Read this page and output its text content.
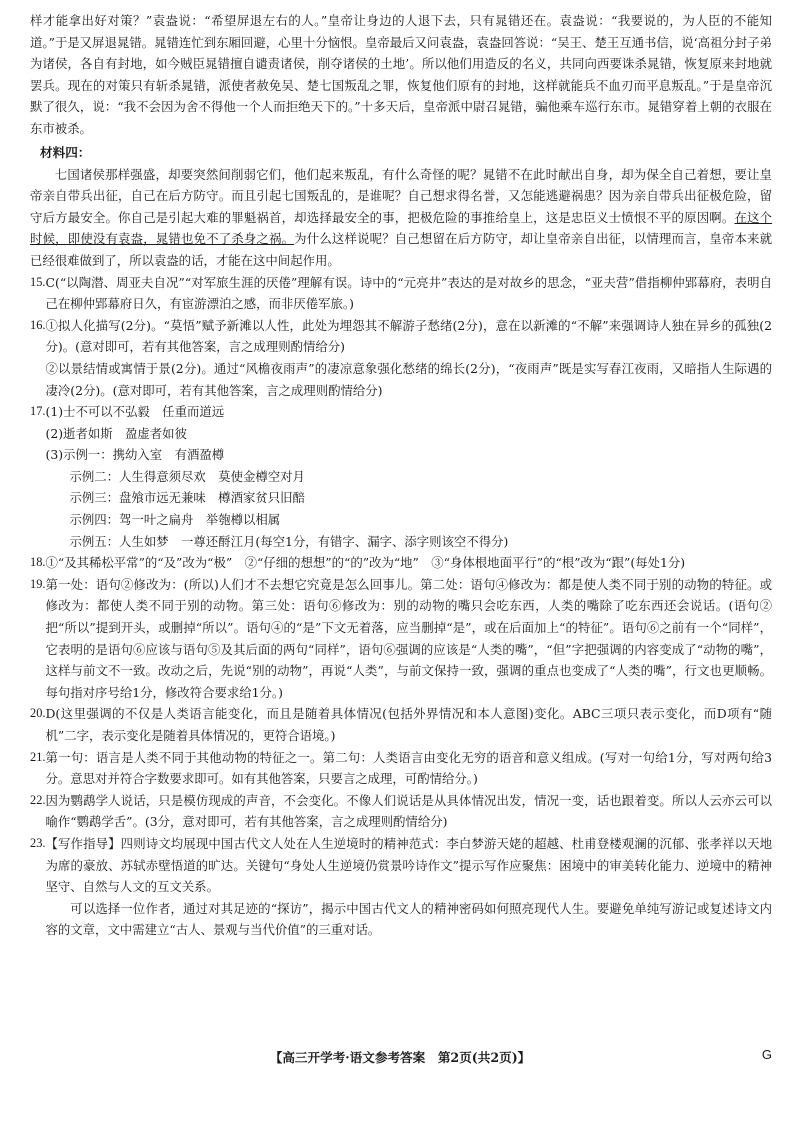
样才能拿出好对策？”袁盎说：“希望屏退左右的人。”皇帝让身边的人退下去，只有晁错还在。袁盎说：“我要说的，为人臣的不能知道。”于是又屏退晁错。晁错连忙到东厢回避，心里十分恼恨。皇帝最后又问袁盎，袁盎回答说：“吴王、楚王互通书信，说‘高祖分封子弟为诸侯，各自有封地，如今贼臣晁错擅自谴责诸侯，削夺诸侯的土地’。所以他们用造反的名义，共同向西要诛杀晁错，恢复原来封地就罢兵。现在的对策只有斩杀晁错，派使者赦免吴、楚七国叛乱之罪，恢复他们原有的封地，这样就能兵不血刃而平息叛乱。”于是皇帝沉默了很久，说：“我不会因为舍不得他一个人而拒绝天下的。”十多天后，皇帝派中尉召晁错，骗他乘车巡行东市。晁错穿着上朝的衣服在东市被杀。

材料四：

七国诸侯那样强盛，却要突然间削弱它们，他们起来叛乱，有什么奇怪的呢？晁错不在此时献出自身，却为保全自己着想，要让皇帝亲自带兵出征，自己在后方防守。而且引起七国叛乱的，是谁呢？自己想求得名誉，又怎能逃避祸患？因为亲自带兵出征极危险，留守后方最安全。你自己是引起大难的罪魁祸首，却选择最安全的事，把极危险的事推给皇上，这是忠臣义士愤恨不平的原因啊。在这个时候，即使没有袁盎，晁错也免不了杀身之祸。为什么这样说呢？自己想留在后方防守，却让皇帝亲自出征，以情理而言，皇帝本来就已经很难做到了，所以袁盎的话，才能在这中间起作用。

15. C(“以陶潜、周亚夫自况”“对军旅生涯的厌倦”理解有误。诗中的“元亮井”表达的是对故乡的思念，“亚夫营”借指柳仲郢幕府，表明自己在柳仲郢幕府日久，有宦游漂泊之感，而非厌倦军旅。)

16. ①拟人化描写(2分)。“莫悟”赋予新滩以人性，此处为埋怨其不解游子愁绪(2分)，意在以新滩的“不解”来强调诗人独在异乡的孤独(2分)。(意对即可，若有其他答案，言之成理则酌情给分)

②以景结情或寓情于景(2分)。通过“风檐夜雨声”的凄凉意象强化愁绪的绵长(2分)，“夜雨声”既是实写春江夜雨，又暗指人生际遇的凄冷(2分)。(意对即可，若有其他答案，言之成理则酌情给分)

17. (1)士不可以不弘毅　任重而道远

(2)逝者如斯　盈虚者如彼

(3)示例一：携幼入室　有酒盈樽

示例二：人生得意须尽欢　莫使金樽空对月

示例三：盘飧市远无兼味　樽酒家贫只旧醅

示例四：驾一叶之扁舟　举匏樽以相属

示例五：人生如梦　一尊还酹江月(每空1分，有错字、漏字、添字则该空不得分)

18. ①“及其稀松平常”的“及”改为“极”　②“仔细的想想”的“的”改为“地”　③“身体根地面平行”的“根”改为“跟”(每处1分)

19. 第一处：语句②修改为：(所以)人们才不去想它究竟是怎么回事儿。第二处：语句④修改为：都是使人类不同于别的动物的特征。或修改为：都使人类不同于别的动物。第三处：语句⑥修改为：别的动物的嘴只会吃东西，人类的嘴除了吃东西还会说话。(语句②把“所以”提到开头，或删掉“所以”。语句④的“是”下文无着落，应当删掉“是”，或在后面加上“的特征”。语句⑥之前有一个“同样”，它表明的是语句⑥应该与语句⑤及其后面的两句“同样”，语句⑥强调的应该是“人类的嘴”，“但”字把强调的内容变成了“动物的嘴”，这样与前文不一致。改动之后，先说“别的动物”，再说“人类”，与前文保持一致，强调的重点也变成了“人类的嘴”，行文也更顺畅。每句指对序号给1分，修改符合要求给1分。)

20. D(这里强调的不仅是人类语言能变化，而且是随着具体情况(包括外界情况和本人意图)变化。ABC三项只表示变化，而D项有“随机”二字，表示变化是随着具体情况的，更符合语境。)

21. 第一句：语言是人类不同于其他动物的特征之一。第二句：人类语言由变化无穷的语音和意义组成。(写对一句给1分，写对两句给3分。意思对并符合字数要求即可。如有其他答案，只要言之成理，可酌情给分。)

22. 因为鹦鹉学人说话，只是模仿现成的声音，不会变化。不像人们说话是从具体情况出发，情况一变，话也跟着变。所以人云亦云可以喻作“鹦鹉学舌”。(3分，意对即可，若有其他答案，言之成理则酌情给分)

23. 【写作指导】四则诗文均展现中国古代文人处在人生逆境时的精神范式：李白梦游天姥的超越、杜甫登楼观澜的沉郁、张孝祥以天地为席的豪放、苏轼赤壁悟道的旷达。关键句“身处人生逆境仍赏景吟诗作文”提示写作应聚焦：困境中的审美转化能力、逆境中的精神坚守、自然与人文的互文关系。

可以选择一位作者，通过对其足迹的“探访”，揭示中国古代文人的精神密码如何照亮现代人生。要避免单纯写游记或复述诗文内容的文章，文中需建立“古人、景观与当代价值”的三重对话。

【高三开学考·语文参考答案　第2页(共2页)】	G
